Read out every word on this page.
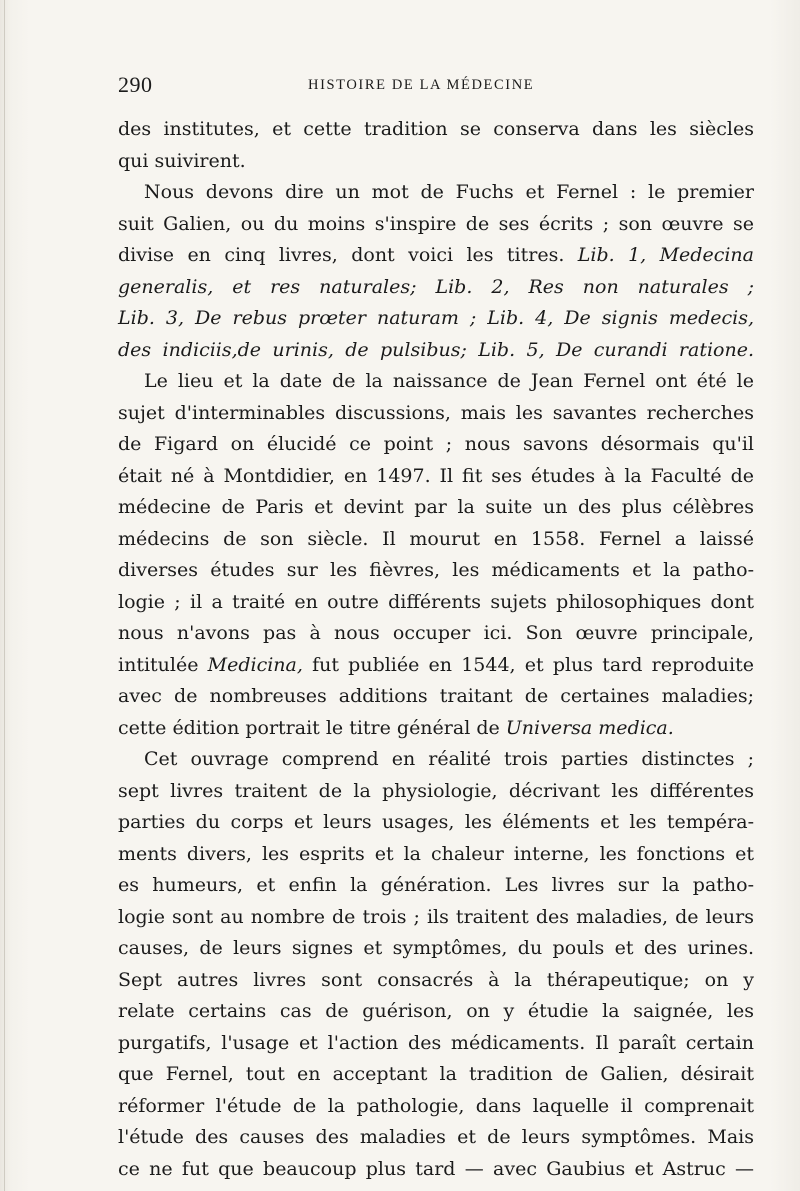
290	HISTOIRE DE LA MÉDECINE
des institutes, et cette tradition se conserva dans les siècles
qui suivirent.
Nous devons dire un mot de Fuchs et Fernel : le premier
suit Galien, ou du moins s'inspire de ses écrits ; son œuvre se
divise en cinq livres, dont voici les titres. Lib. 1, Medecina
generalis, et res naturales; Lib. 2, Res non naturales ;
Lib. 3, De rebus prœter naturam ; Lib. 4, De signis medecis,
des indiciis,de urinis, de pulsibus; Lib. 5, De curandi ratione.
Le lieu et la date de la naissance de Jean Fernel ont été le
sujet d'interminables discussions, mais les savantes recherches
de Figard on élucidé ce point ; nous savons désormais qu'il
était né à Montdidier, en 1497. Il fit ses études à la Faculté de
médecine de Paris et devint par la suite un des plus célèbres
médecins de son siècle. Il mourut en 1558. Fernel a laissé
diverses études sur les fièvres, les médicaments et la patho-
logie ; il a traité en outre différents sujets philosophiques dont
nous n'avons pas à nous occuper ici. Son œuvre principale,
intitulée Medicina, fut publiée en 1544, et plus tard reproduite
avec de nombreuses additions traitant de certaines maladies;
cette édition portrait le titre général de Universa medica.
Cet ouvrage comprend en réalité trois parties distinctes ;
sept livres traitent de la physiologie, décrivant les différentes
parties du corps et leurs usages, les éléments et les tempéra-
ments divers, les esprits et la chaleur interne, les fonctions et
es humeurs, et enfin la génération. Les livres sur la patho-
logie sont au nombre de trois ; ils traitent des maladies, de leurs
causes, de leurs signes et symptômes, du pouls et des urines.
Sept autres livres sont consacrés à la thérapeutique; on y
relate certains cas de guérison, on y étudie la saignée, les
purgatifs, l'usage et l'action des médicaments. Il paraît certain
que Fernel, tout en acceptant la tradition de Galien, désirait
réformer l'étude de la pathologie, dans laquelle il comprenait
l'étude des causes des maladies et de leurs symptômes. Mais
ce ne fut que beaucoup plus tard — avec Gaubius et Astruc —
